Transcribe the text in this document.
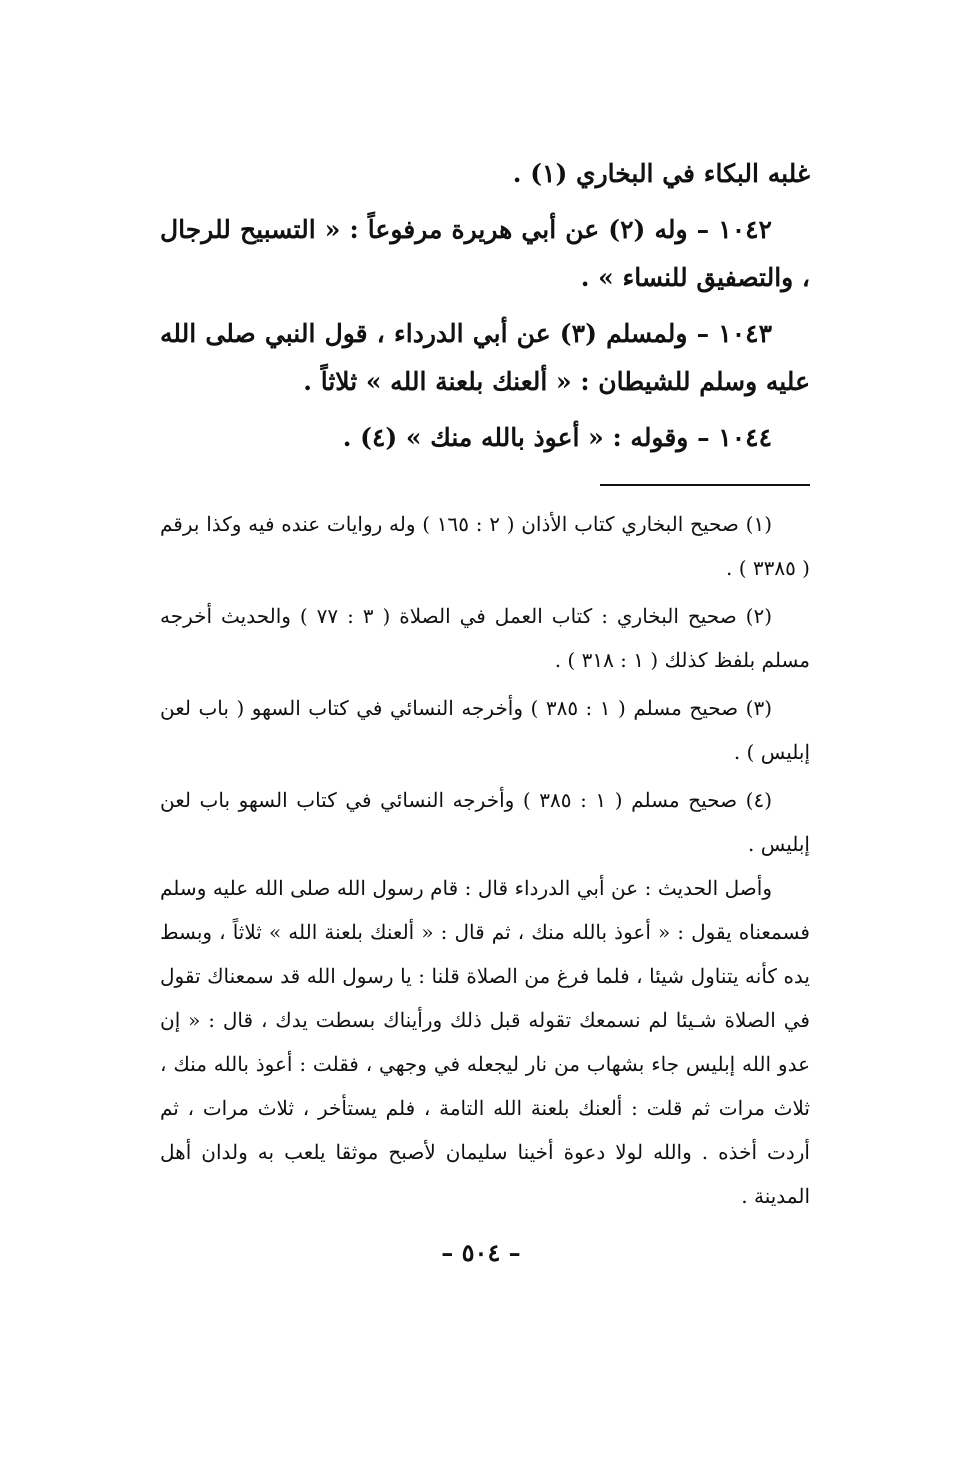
غلبه البكاء في البخاري (١) .

١٠٤٢ – وله (٢) عن أبي هريرة مرفوعاً : « التسبيح للرجال ، والتصفيق للنساء » .

١٠٤٣ – ولمسلم (٣) عن أبي الدرداء ، قول النبي صلى الله عليه وسلم للشيطان : « ألعنك بلعنة الله » ثلاثاً .

١٠٤٤ – وقوله : « أعوذ بالله منك » (٤) .

(١) صحيح البخاري كتاب الأذان ( ٢ : ١٦٥ ) وله روايات عنده فيه وكذا برقم ( ٣٣٨٥ ) .

(٢) صحيح البخاري : كتاب العمل في الصلاة ( ٣ : ٧٧ ) والحديث أخرجه مسلم بلفظ كذلك ( ١ : ٣١٨ ) .

(٣) صحيح مسلم ( ١ : ٣٨٥ ) وأخرجه النسائي في كتاب السهو ( باب لعن إبليس ) .

(٤) صحيح مسلم ( ١ : ٣٨٥ ) وأخرجه النسائي في كتاب السهو باب لعن إبليس .

وأصل الحديث : عن أبي الدرداء قال : قام رسول الله صلى الله عليه وسلم فسمعناه يقول : « أعوذ بالله منك ، ثم قال : « ألعنك بلعنة الله » ثلاثاً ، وبسط يده كأنه يتناول شيئا ، فلما فرغ من الصلاة قلنا : يا رسول الله قد سمعناك تقول في الصلاة شـيئا لم نسمعك تقوله قبل ذلك ورأيناك بسطت يدك ، قال : « إن عدو الله إبليس جاء بشهاب من نار ليجعله في وجهي ، فقلت : أعوذ بالله منك ، ثلاث مرات ثم قلت : ألعنك بلعنة الله التامة ، فلم يستأخر ، ثلاث مرات ، ثم أردت أخذه . والله لولا دعوة أخينا سليمان لأصبح موثقا يلعب به ولدان أهل المدينة .

– ٥٠٤ –
